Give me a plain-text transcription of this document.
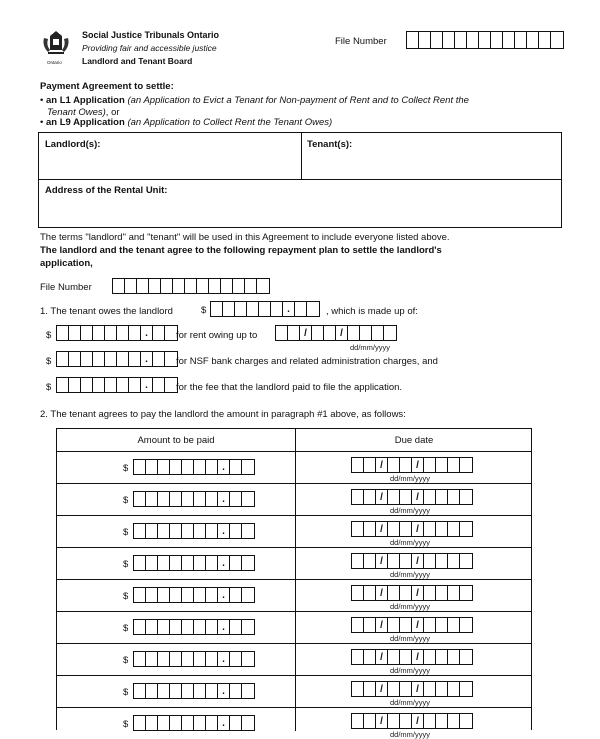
Ontario
Social Justice Tribunals Ontario
Providing fair and accessible justice
Landlord and Tenant Board
File Number
Payment Agreement to settle:
• an L1 Application (an Application to Evict a Tenant for Non-payment of Rent and to Collect Rent the
Tenant Owes), or
• an L9 Application (an Application to Collect Rent the Tenant Owes)
Landlord(s):	Tenant(s):
Address of the Rental Unit:
The terms "landlord" and "tenant" will be used in this Agreement to include everyone listed above.
The landlord and the tenant agree to the following repayment plan to settle the landlord's
application,
File Number
1. The tenant owes the landlord	$	.	, which is made up of:
$	.	for rent owing up to	/	/
dd/mm/yyyy
$	.	for NSF bank charges and related administration charges, and
$	.	for the fee that the landlord paid to file the application.
2. The tenant agrees to pay the landlord the amount in paragraph #1 above, as follows:
Amount to be paid	Due date
$	.	/	/
dd/mm/yyyy
$	.	/	/
dd/mm/yyyy
$	.	/	/
dd/mm/yyyy
$	.	/	/
dd/mm/yyyy
$	.	/	/
dd/mm/yyyy
$	.	/	/
dd/mm/yyyy
$	.	/	/
dd/mm/yyyy
$	.	/	/
dd/mm/yyyy
$	.	/	/
dd/mm/yyyy
